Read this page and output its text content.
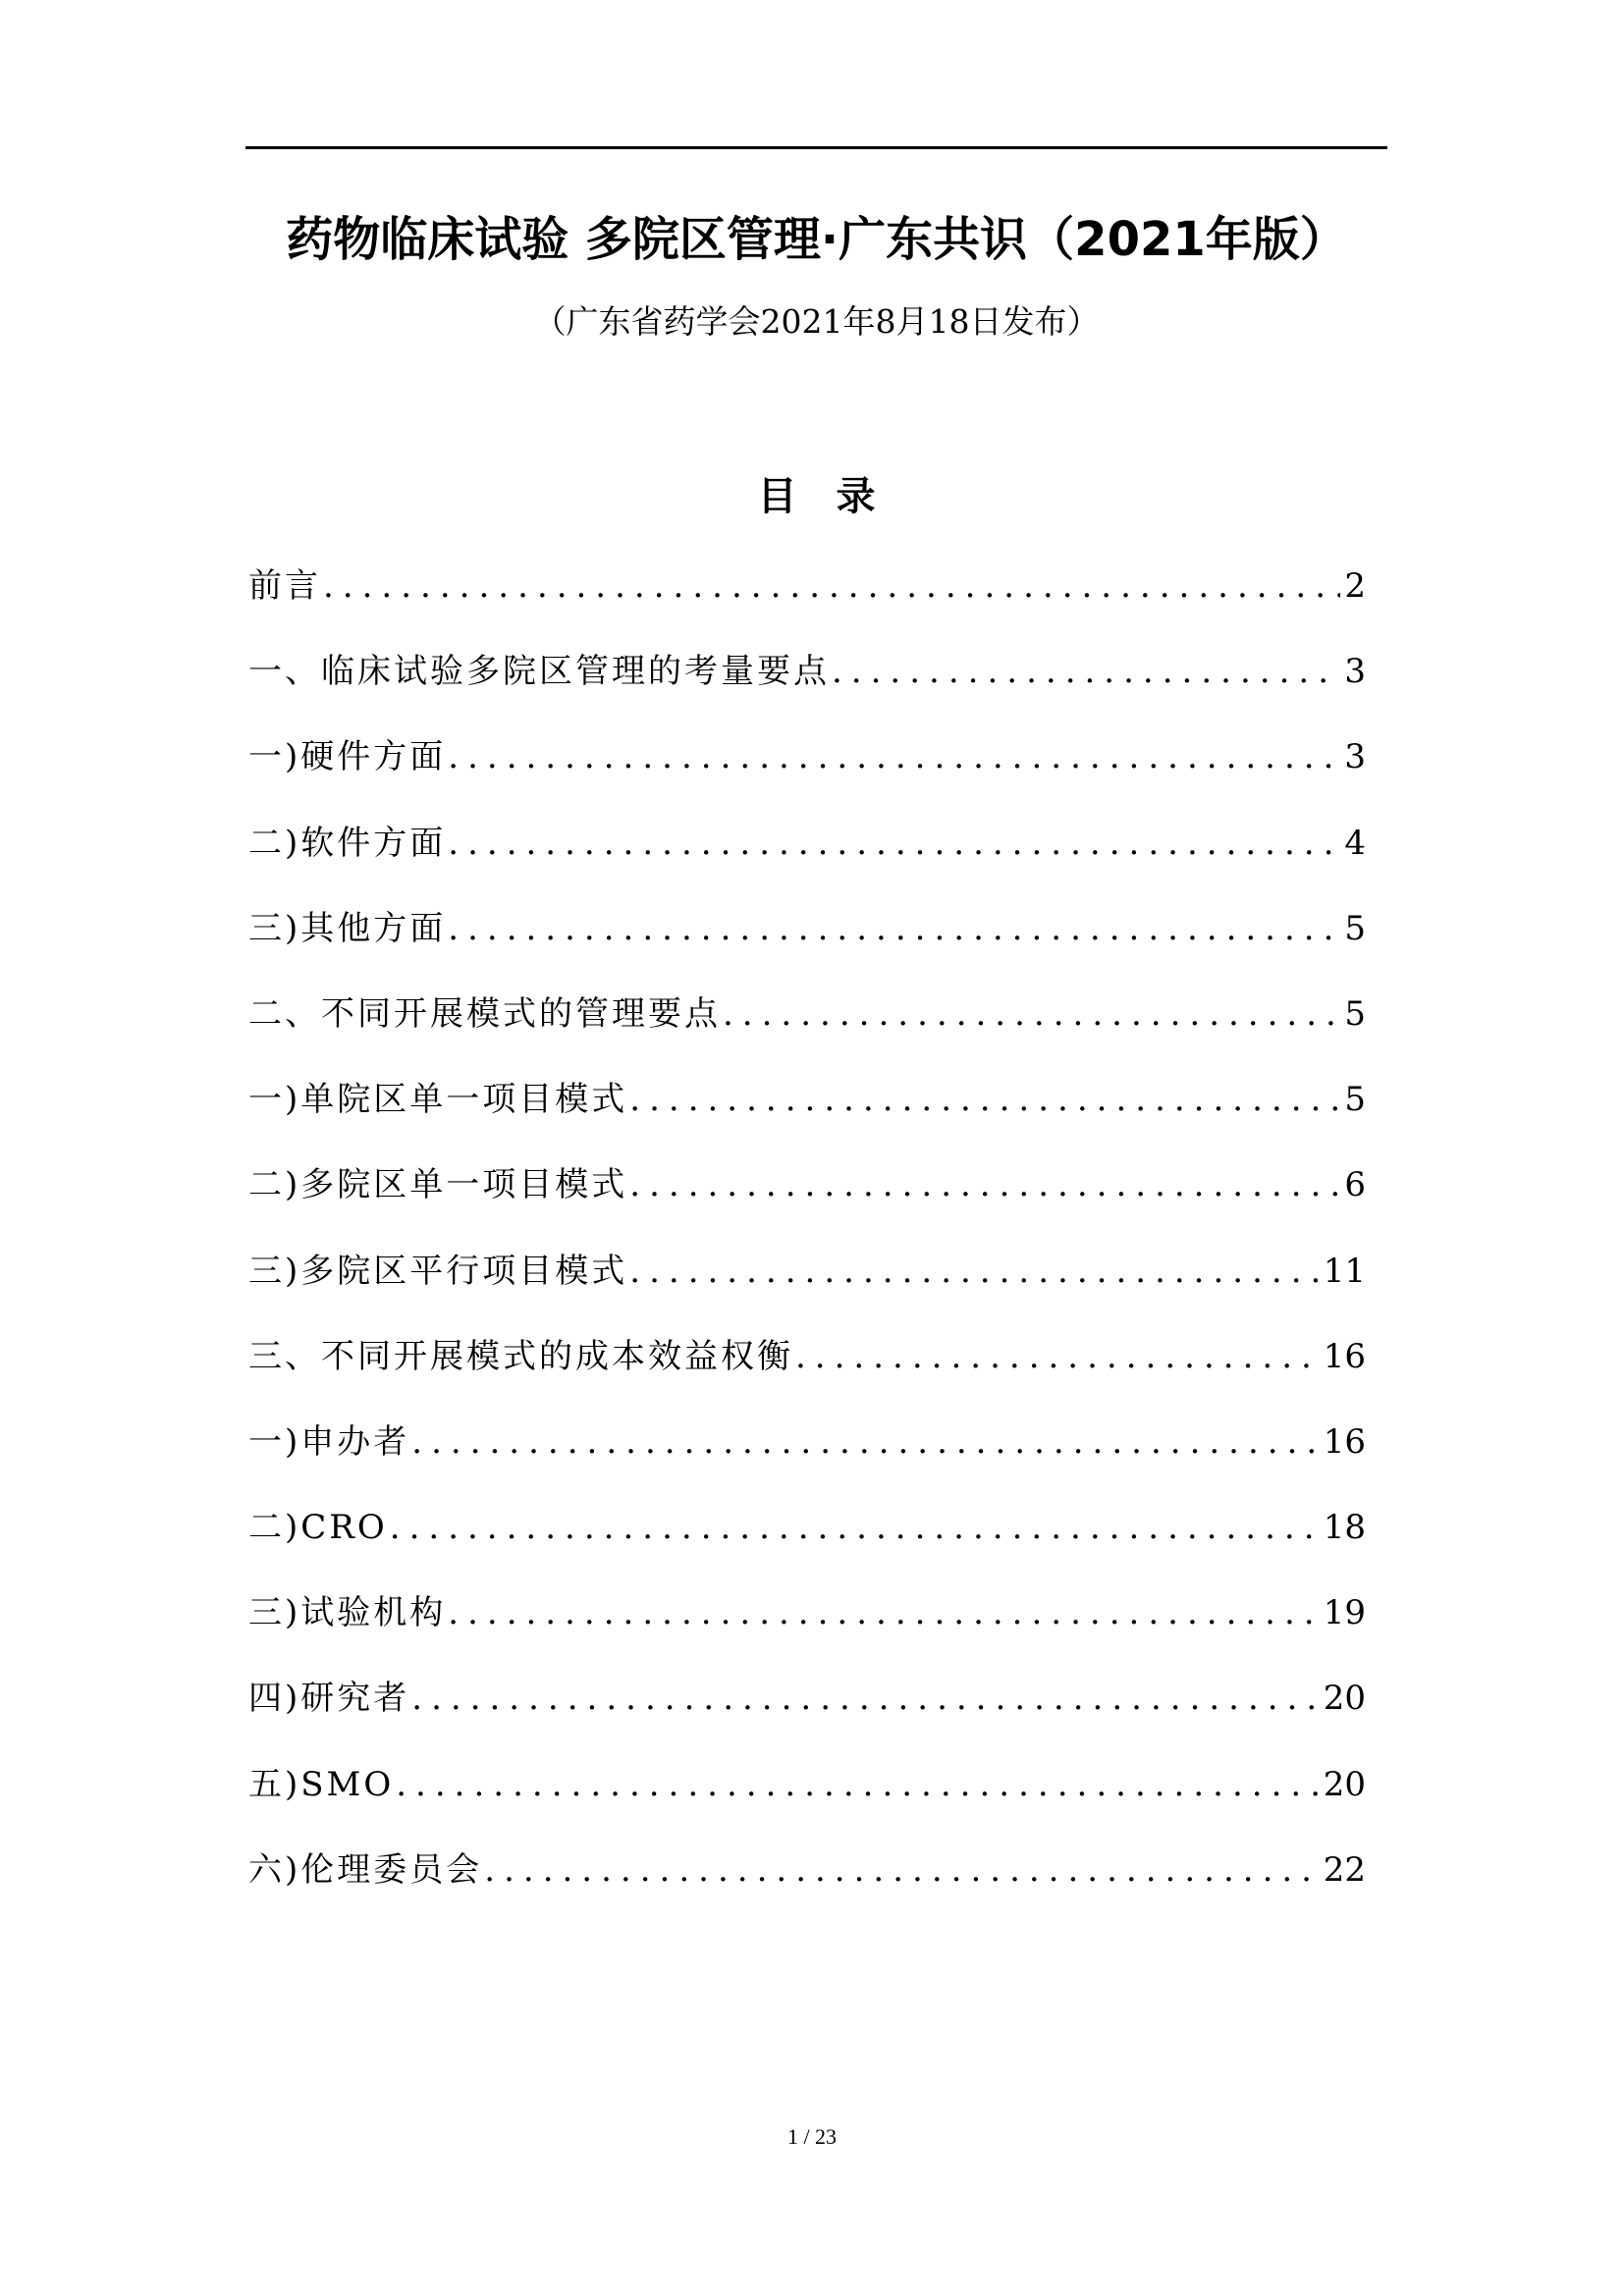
药物临床试验 多院区管理·广东共识（2021年版）
（广东省药学会2021年8月18日发布）
目录
前言 .....	2
一、临床试验多院区管理的考量要点 .....	3
一)硬件方面 .....	3
二)软件方面 .....	4
三)其他方面 .....	5
二、不同开展模式的管理要点 .....	5
一)单院区单一项目模式 .....	5
二)多院区单一项目模式 .....	6
三)多院区平行项目模式 .....	11
三、不同开展模式的成本效益权衡 .....	16
一)申办者 .....	16
二)CRO .....	18
三)试验机构 .....	19
四)研究者 .....	20
五)SMO .....	20
六)伦理委员会 .....	22
1 / 23
